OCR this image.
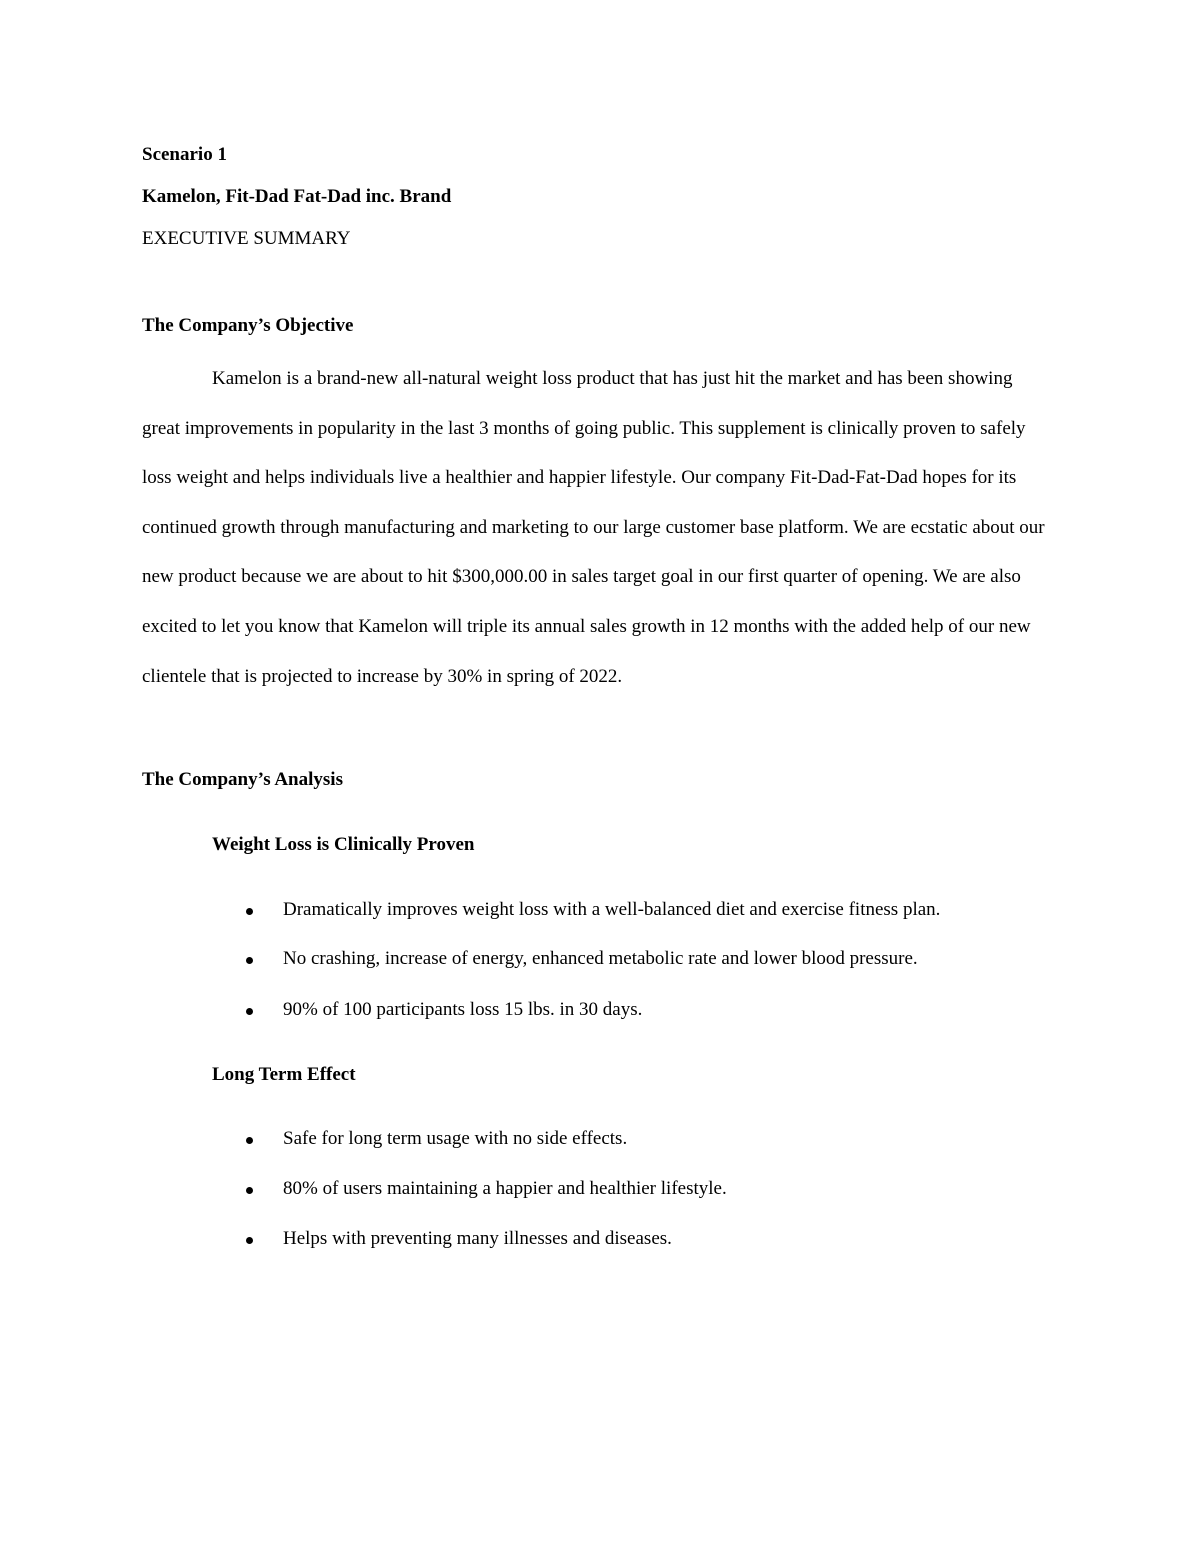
Scenario 1

Kamelon, Fit-Dad Fat-Dad inc. Brand

EXECUTIVE SUMMARY

The Company’s Objective

Kamelon is a brand-new all-natural weight loss product that has just hit the market and has been showing great improvements in popularity in the last 3 months of going public. This supplement is clinically proven to safely loss weight and helps individuals live a healthier and happier lifestyle. Our company Fit-Dad-Fat-Dad hopes for its continued growth through manufacturing and marketing to our large customer base platform. We are ecstatic about our new product because we are about to hit $300,000.00 in sales target goal in our first quarter of opening. We are also excited to let you know that Kamelon will triple its annual sales growth in 12 months with the added help of our new clientele that is projected to increase by 30% in spring of 2022.

The Company’s Analysis

Weight Loss is Clinically Proven

Dramatically improves weight loss with a well-balanced diet and exercise fitness plan.
No crashing, increase of energy, enhanced metabolic rate and lower blood pressure.
90% of 100 participants loss 15 lbs. in 30 days.

Long Term Effect

Safe for long term usage with no side effects.
80% of users maintaining a happier and healthier lifestyle.
Helps with preventing many illnesses and diseases.
